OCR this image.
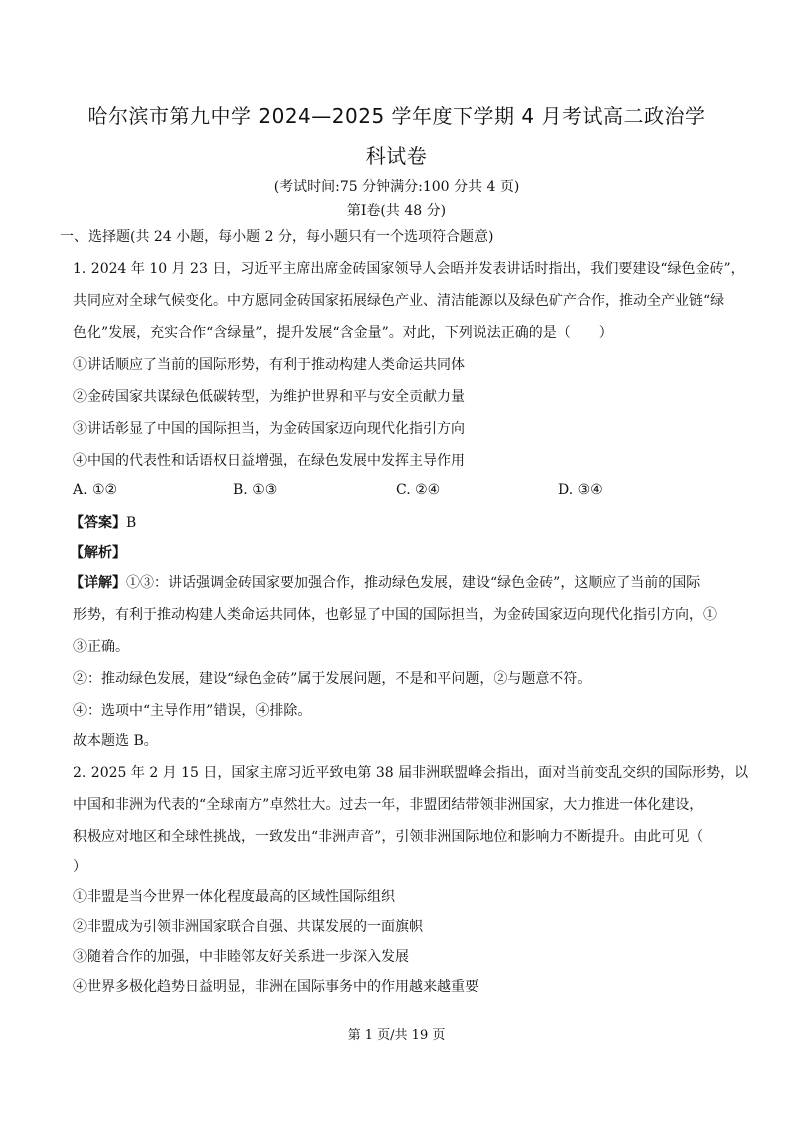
哈尔滨市第九中学 2024—2025 学年度下学期 4 月考试高二政治学
科试卷
(考试时间:75 分钟满分:100 分共 4 页)
第Ⅰ卷(共 48 分)
一、选择题(共 24 小题，每小题 2 分，每小题只有一个选项符合题意)
1. 2024 年 10 月 23 日，习近平主席出席金砖国家领导人会晤并发表讲话时指出，我们要建设“绿色金砖”，
共同应对全球气候变化。中方愿同金砖国家拓展绿色产业、清洁能源以及绿色矿产合作，推动全产业链“绿
色化”发展，充实合作“含绿量”，提升发展“含金量”。对此，下列说法正确的是（　　）
①讲话顺应了当前的国际形势，有利于推动构建人类命运共同体
②金砖国家共谋绿色低碳转型，为维护世界和平与安全贡献力量
③讲话彰显了中国的国际担当，为金砖国家迈向现代化指引方向
④中国的代表性和话语权日益增强，在绿色发展中发挥主导作用
A. ①②	B. ①③	C. ②④	D. ③④
【答案】B
【解析】
【详解】①③：讲话强调金砖国家要加强合作，推动绿色发展，建设“绿色金砖”，这顺应了当前的国际
形势，有利于推动构建人类命运共同体，也彰显了中国的国际担当，为金砖国家迈向现代化指引方向，①
③正确。
②：推动绿色发展，建设“绿色金砖”属于发展问题，不是和平问题，②与题意不符。
④：选项中“主导作用”错误，④排除。
故本题选 B。
2. 2025 年 2 月 15 日，国家主席习近平致电第 38 届非洲联盟峰会指出，面对当前变乱交织的国际形势，以
中国和非洲为代表的“全球南方”卓然壮大。过去一年，非盟团结带领非洲国家，大力推进一体化建设，
积极应对地区和全球性挑战，一致发出“非洲声音”，引领非洲国际地位和影响力不断提升。由此可见（
）
①非盟是当今世界一体化程度最高的区域性国际组织
②非盟成为引领非洲国家联合自强、共谋发展的一面旗帜
③随着合作的加强，中非睦邻友好关系进一步深入发展
④世界多极化趋势日益明显，非洲在国际事务中的作用越来越重要
第 1 页/共 19 页
